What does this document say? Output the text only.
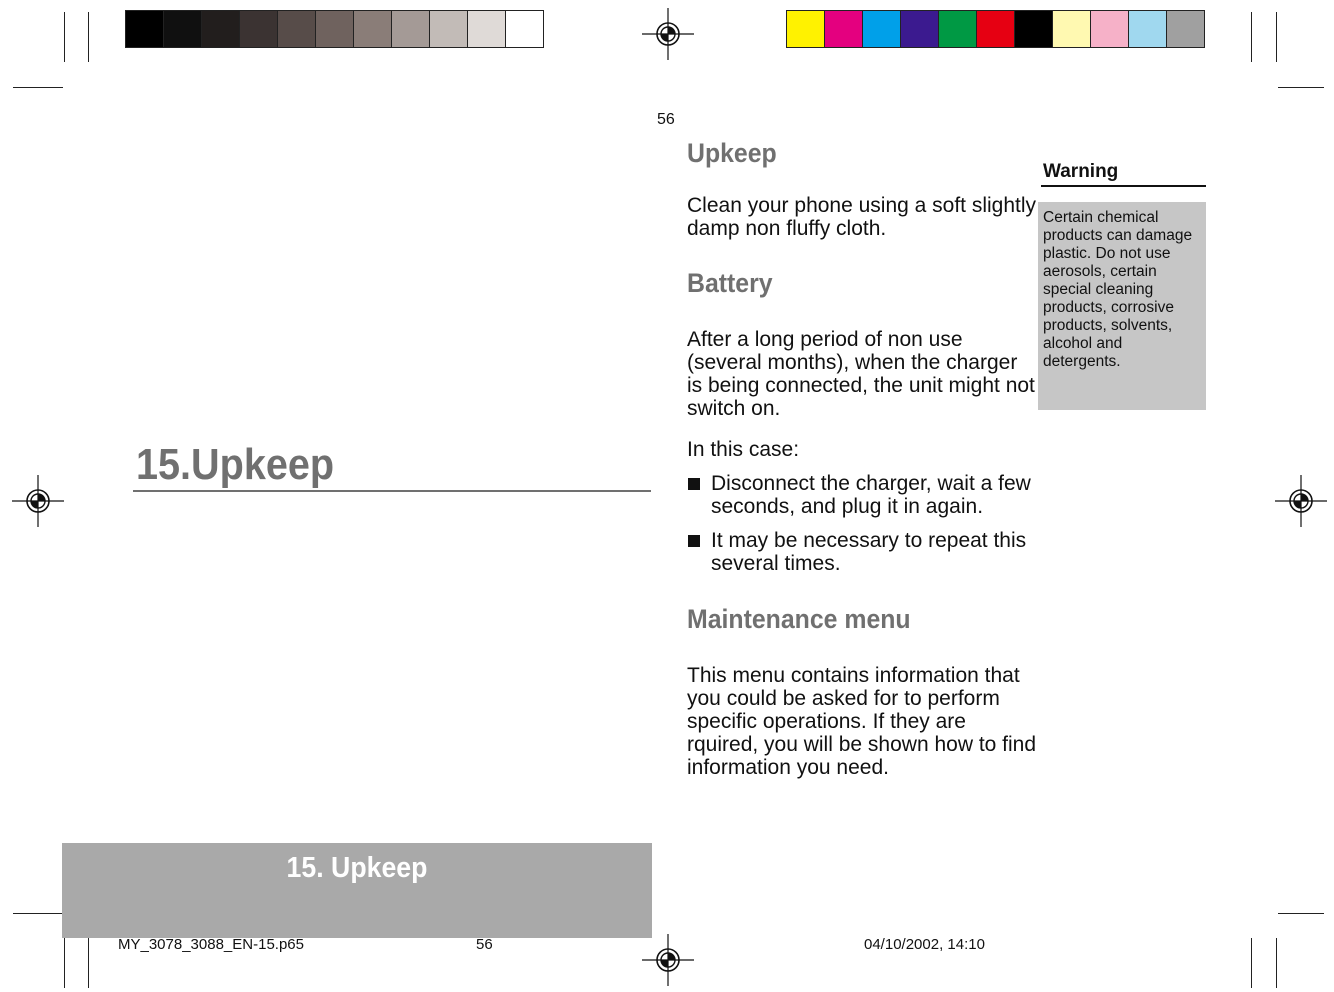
56
Upkeep
Clean your phone using a soft slightly damp non fluffy cloth.
Battery
After a long period of non use (several months), when the charger is being connected, the unit might not switch on.
In this case:
Disconnect the charger, wait a few seconds, and plug it in again.
It may be necessary to repeat this several times.
Maintenance menu
This menu contains information that you could be asked for to perform specific operations. If they are rquired, you will be shown how to find information you need.
15.Upkeep
Warning
Certain chemical products can damage plastic. Do not use aerosols, certain special cleaning products, corrosive products, solvents, alcohol and detergents.
15. Upkeep
MY_3078_3088_EN-15.p65	56	04/10/2002, 14:10
